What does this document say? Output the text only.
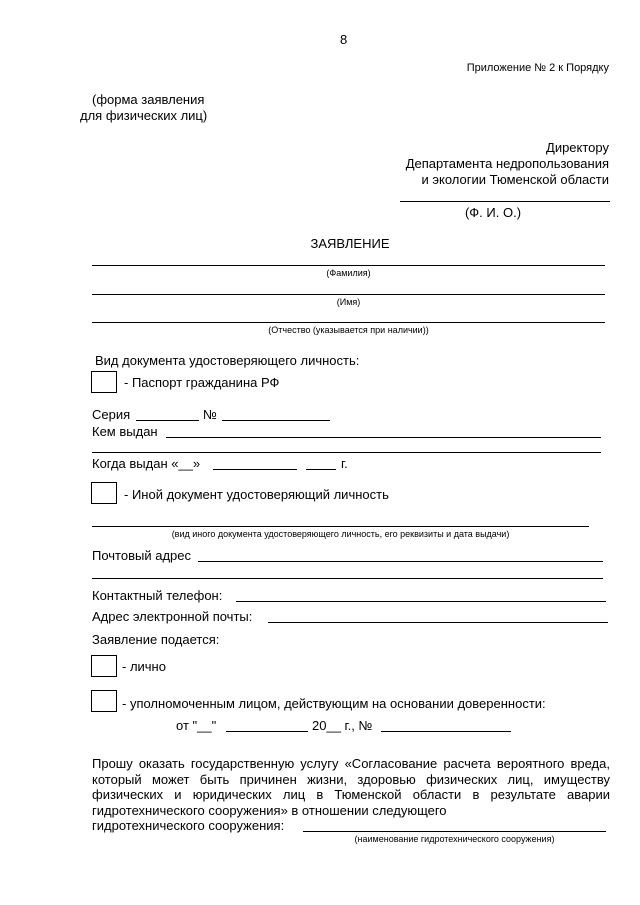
8
Приложение № 2 к Порядку
(форма заявления
для физических лиц)
Директору
Департамента недропользования
и экологии Тюменской области
(Ф. И. О.)
ЗАЯВЛЕНИЕ
(Фамилия)
(Имя)
(Отчество (указывается при наличии))
Вид документа удостоверяющего личность:
- Паспорт гражданина РФ
Серия	№
Кем выдан
Когда выдан «__»	г.
- Иной документ удостоверяющий личность
(вид иного документа удостоверяющего личность, его реквизиты и дата выдачи)
Почтовый адрес
Контактный телефон:
Адрес электронной почты:
Заявление подается:
- лично
- уполномоченным лицом, действующим на основании доверенности:
от "__"	20__ г., №
Прошу оказать государственную услугу «Согласование расчета вероятного вреда, который может быть причинен жизни, здоровью физических лиц, имуществу физических и юридических лиц в Тюменской области в результате аварии гидротехнического сооружения» в отношении следующего
гидротехнического сооружения:
(наименование гидротехнического сооружения)
